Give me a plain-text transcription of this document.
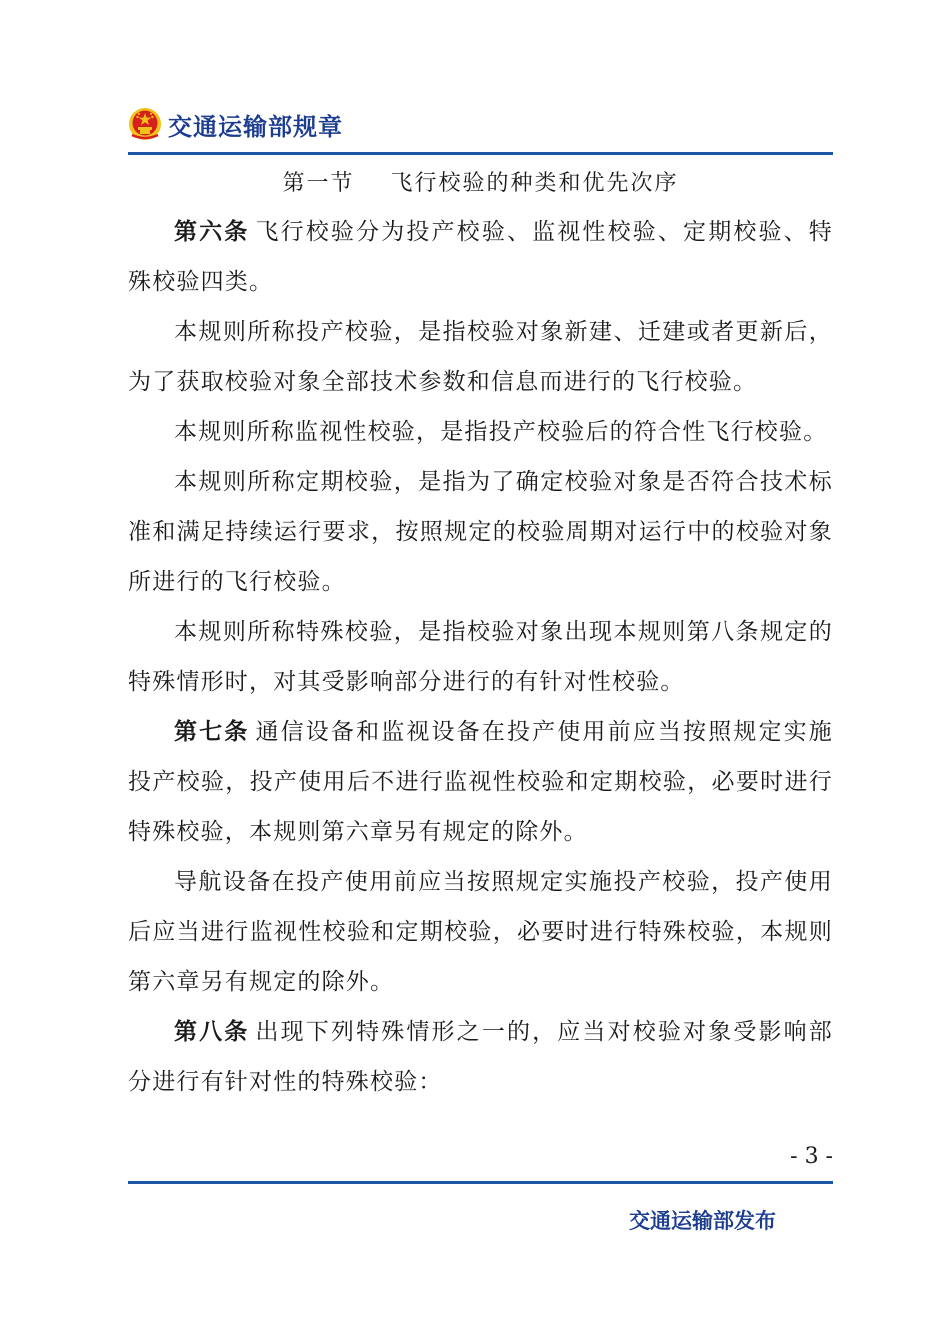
交通运输部规章
第一节    飞行校验的种类和优先次序

第六条 飞行校验分为投产校验、监视性校验、定期校验、特殊校验四类。

本规则所称投产校验，是指校验对象新建、迁建或者更新后，为了获取校验对象全部技术参数和信息而进行的飞行校验。

本规则所称监视性校验，是指投产校验后的符合性飞行校验。

本规则所称定期校验，是指为了确定校验对象是否符合技术标准和满足持续运行要求，按照规定的校验周期对运行中的校验对象所进行的飞行校验。

本规则所称特殊校验，是指校验对象出现本规则第八条规定的特殊情形时，对其受影响部分进行的有针对性校验。

第七条 通信设备和监视设备在投产使用前应当按照规定实施投产校验，投产使用后不进行监视性校验和定期校验，必要时进行特殊校验，本规则第六章另有规定的除外。

导航设备在投产使用前应当按照规定实施投产校验，投产使用后应当进行监视性校验和定期校验，必要时进行特殊校验，本规则第六章另有规定的除外。

第八条 出现下列特殊情形之一的，应当对校验对象受影响部分进行有针对性的特殊校验：

- 3 -
交通运输部发布
